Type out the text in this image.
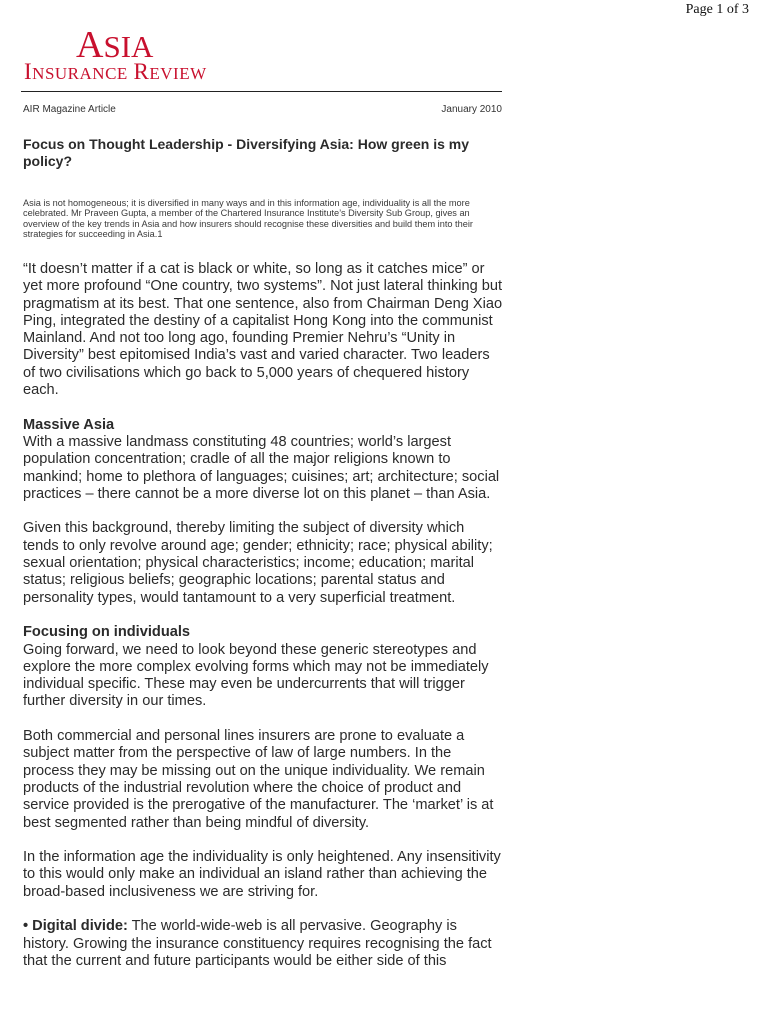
Page 1 of 3
ASIA
INSURANCE REVIEW
AIR Magazine Article	January 2010
Focus on Thought Leadership - Diversifying Asia: How green is my policy?

Asia is not homogeneous; it is diversified in many ways and in this information age, individuality is all the more celebrated. Mr Praveen Gupta, a member of the Chartered Insurance Institute’s Diversity Sub Group, gives an overview of the key trends in Asia and how insurers should recognise these diversities and build them into their strategies for succeeding in Asia.1

“It doesn’t matter if a cat is black or white, so long as it catches mice” or yet more profound “One country, two systems”. Not just lateral thinking but pragmatism at its best. That one sentence, also from Chairman Deng Xiao Ping, integrated the destiny of a capitalist Hong Kong into the communist Mainland. And not too long ago, founding Premier Nehru’s “Unity in Diversity” best epitomised India’s vast and varied character. Two leaders of two civilisations which go back to 5,000 years of chequered history each.

Massive Asia

With a massive landmass constituting 48 countries; world’s largest population concentration; cradle of all the major religions known to mankind; home to plethora of languages; cuisines; art; architecture; social practices – there cannot be a more diverse lot on this planet – than Asia.

Given this background, thereby limiting the subject of diversity which tends to only revolve around age; gender; ethnicity; race; physical ability; sexual orientation; physical characteristics; income; education; marital status; religious beliefs; geographic locations; parental status and personality types, would tantamount to a very superficial treatment.

Focusing on individuals

Going forward, we need to look beyond these generic stereotypes and explore the more complex evolving forms which may not be immediately individual specific. These may even be undercurrents that will trigger further diversity in our times.

Both commercial and personal lines insurers are prone to evaluate a subject matter from the perspective of law of large numbers. In the process they may be missing out on the unique individuality. We remain products of the industrial revolution where the choice of product and service provided is the prerogative of the manufacturer. The ‘market’ is at best segmented rather than being mindful of diversity.

In the information age the individuality is only heightened. Any insensitivity to this would only make an individual an island rather than achieving the broad-based inclusiveness we are striving for.

• Digital divide: The world-wide-web is all pervasive. Geography is history. Growing the insurance constituency requires recognising the fact that the current and future participants would be either side of this
